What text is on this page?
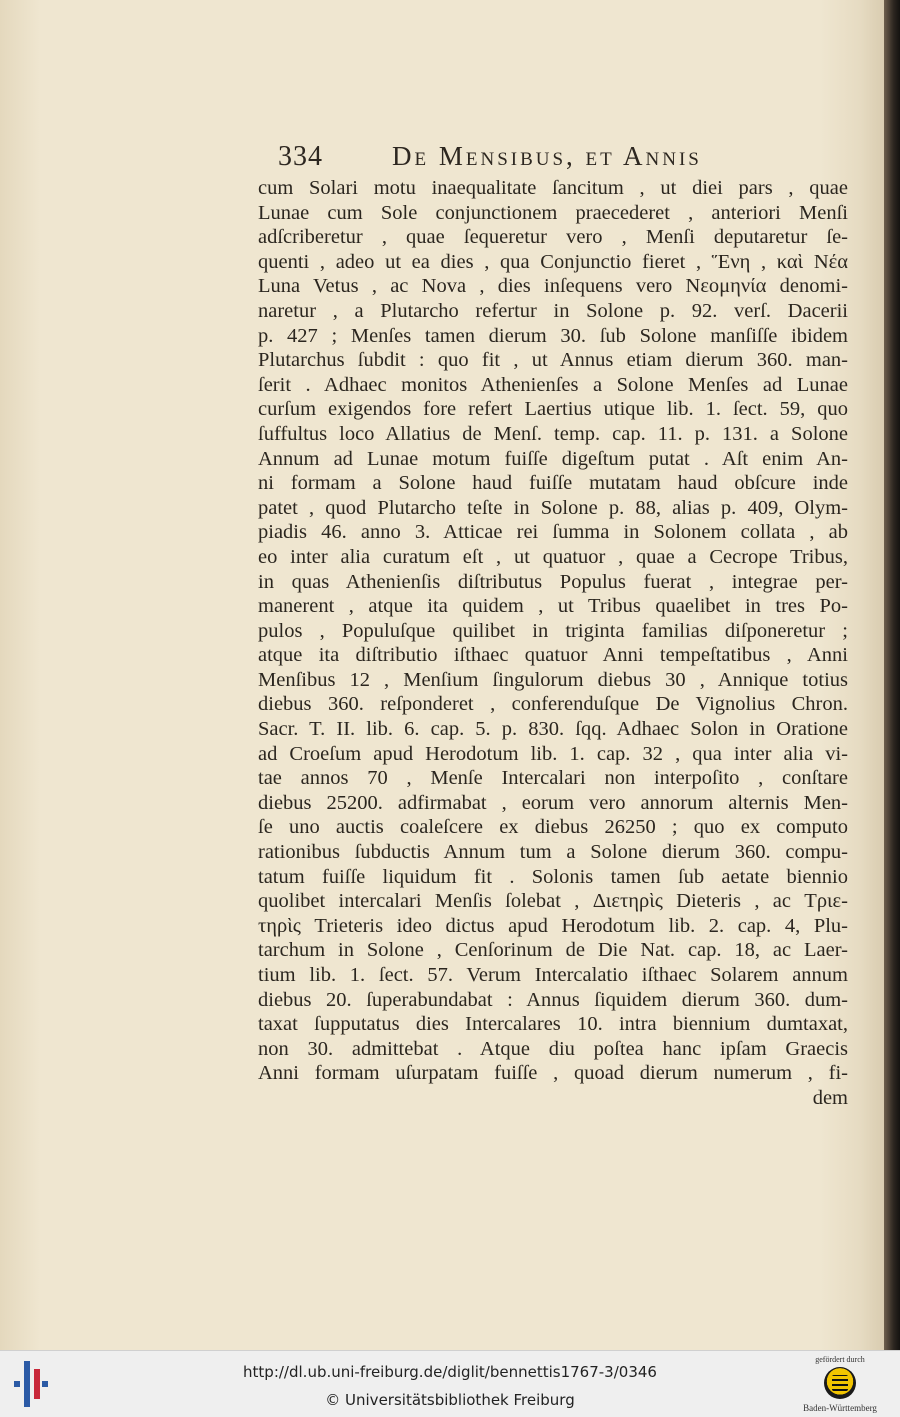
334	De Mensibus, et Annis
cum Solari motu inaequalitate ſancitum , ut diei pars , quae
Lunae cum Sole conjunctionem praecederet , anteriori Menſi
adſcriberetur , quae ſequeretur vero , Menſi deputaretur ſe-
quenti , adeo ut ea dies , qua Conjunctio fieret , Ἕνη , καὶ Νέα
Luna Vetus , ac Nova , dies inſequens vero Νεομηνία denomi-
naretur , a Plutarcho refertur in Solone p. 92. verſ. Dacerii
p. 427 ; Menſes tamen dierum 30. ſub Solone manſiſſe ibidem
Plutarchus ſubdit : quo fit , ut Annus etiam dierum 360. man-
ſerit . Adhaec monitos Athenienſes a Solone Menſes ad Lunae
curſum exigendos fore refert Laertius utique lib. 1. ſect. 59, quo
ſuffultus loco Allatius de Menſ. temp. cap. 11. p. 131. a Solone
Annum ad Lunae motum fuiſſe digeſtum putat . Aſt enim An-
ni formam a Solone haud fuiſſe mutatam haud obſcure inde
patet , quod Plutarcho teſte in Solone p. 88, alias p. 409, Olym-
piadis 46. anno 3. Atticae rei ſumma in Solonem collata , ab
eo inter alia curatum eſt , ut quatuor , quae a Cecrope Tribus,
in quas Athenienſis diſtributus Populus fuerat , integrae per-
manerent , atque ita quidem , ut Tribus quaelibet in tres Po-
pulos , Populuſque quilibet in triginta familias diſponeretur ;
atque ita diſtributio iſthaec quatuor Anni tempeſtatibus , Anni
Menſibus 12 , Menſium ſingulorum diebus 30 , Annique totius
diebus 360. reſponderet , conferenduſque De Vignolius Chron.
Sacr. T. II. lib. 6. cap. 5. p. 830. ſqq. Adhaec Solon in Oratione
ad Croeſum apud Herodotum lib. 1. cap. 32 , qua inter alia vi-
tae annos 70 , Menſe Intercalari non interpoſito , conſtare
diebus 25200. adfirmabat , eorum vero annorum alternis Men-
ſe uno auctis coaleſcere ex diebus 26250 ; quo ex computo
rationibus ſubductis Annum tum a Solone dierum 360. compu-
tatum fuiſſe liquidum fit . Solonis tamen ſub aetate biennio
quolibet intercalari Menſis ſolebat , Διετηρὶς Dieteris , ac Τριε-
τηρὶς Trieteris ideo dictus apud Herodotum lib. 2. cap. 4, Plu-
tarchum in Solone , Cenſorinum de Die Nat. cap. 18, ac Laer-
tium lib. 1. ſect. 57. Verum Intercalatio iſthaec Solarem annum
diebus 20. ſuperabundabat : Annus ſiquidem dierum 360. dum-
taxat ſupputatus dies Intercalares 10. intra biennium dumtaxat,
non 30. admittebat . Atque diu poſtea hanc ipſam Graecis
Anni formam uſurpatam fuiſſe , quoad dierum numerum , fi-
dem
http://dl.ub.uni-freiburg.de/diglit/bennettis1767-3/0346
© Universitätsbibliothek Freiburg
gefördert durch
Baden-Württemberg
